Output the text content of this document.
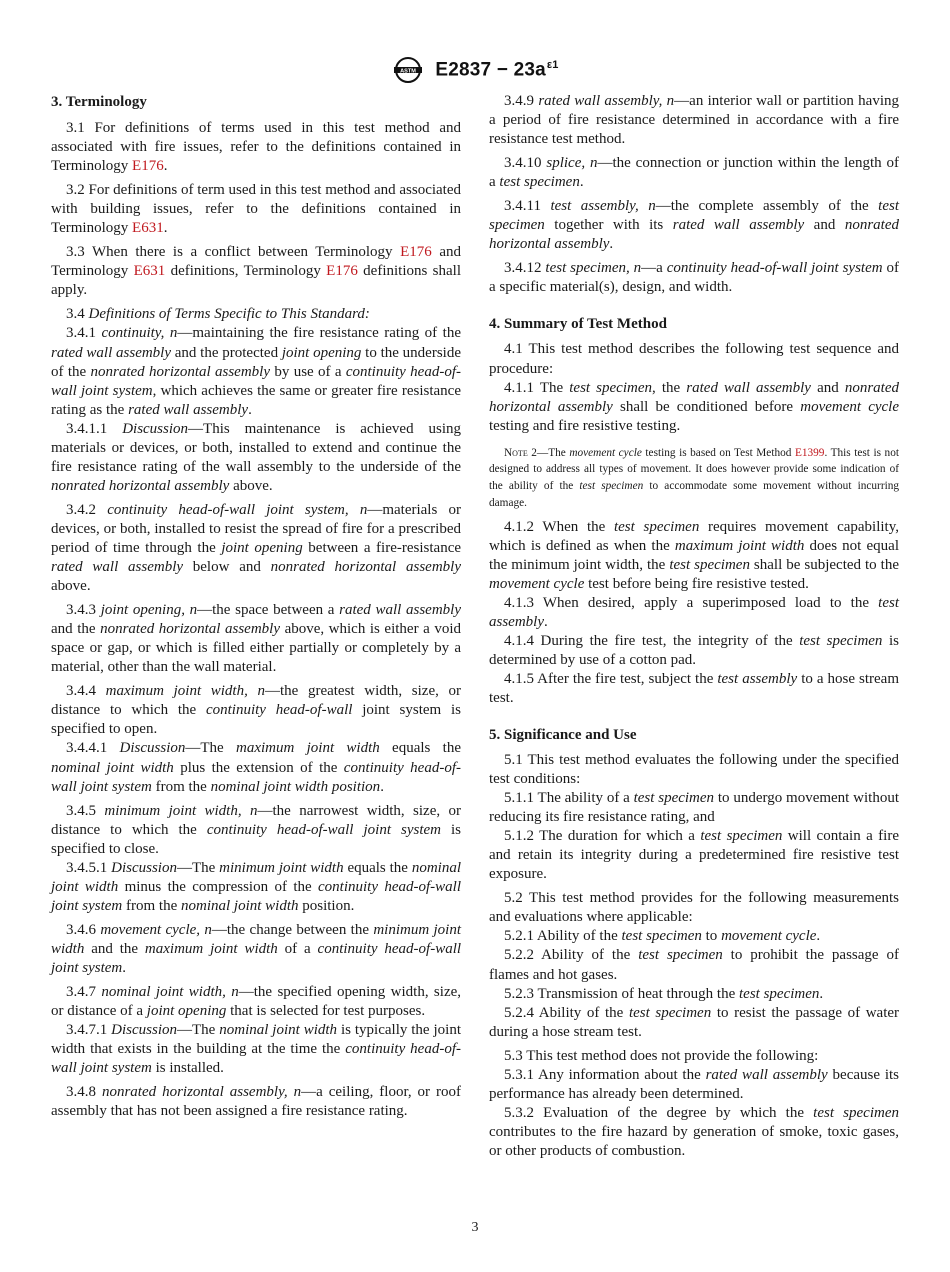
ASTM $E2837 - 23a^{\varepsilon 1}$
3. Terminology

3.1 For definitions of terms used in this test method and associated with fire issues, refer to the definitions contained in Terminology E176.

3.2 For definitions of term used in this test method and associated with building issues, refer to the definitions contained in Terminology E631.

3.3 When there is a conflict between Terminology E176 and Terminology E631 definitions, Terminology E176 definitions shall apply.

3.4 Definitions of Terms Specific to This Standard:

3.4.1 continuity, n—maintaining the fire resistance rating of the rated wall assembly and the protected joint opening to the underside of the nonrated horizontal assembly by use of a continuity head-of-wall joint system, which achieves the same or greater fire resistance rating as the rated wall assembly.

3.4.1.1 Discussion—This maintenance is achieved using materials or devices, or both, installed to extend and continue the fire resistance rating of the wall assembly to the underside of the nonrated horizontal assembly above.

3.4.2 continuity head-of-wall joint system, n—materials or devices, or both, installed to resist the spread of fire for a prescribed period of time through the joint opening between a fire-resistance rated wall assembly below and nonrated horizontal assembly above.

3.4.3 joint opening, n—the space between a rated wall assembly and the nonrated horizontal assembly above, which is either a void space or gap, or which is filled either partially or completely by a material, other than the wall material.

3.4.4 maximum joint width, n—the greatest width, size, or distance to which the continuity head-of-wall joint system is specified to open.

3.4.4.1 Discussion—The maximum joint width equals the nominal joint width plus the extension of the continuity head-of-wall joint system from the nominal joint width position.

3.4.5 minimum joint width, n—the narrowest width, size, or distance to which the continuity head-of-wall joint system is specified to close.

3.4.5.1 Discussion—The minimum joint width equals the nominal joint width minus the compression of the continuity head-of-wall joint system from the nominal joint width position.

3.4.6 movement cycle, n—the change between the minimum joint width and the maximum joint width of a continuity head-of-wall joint system.

3.4.7 nominal joint width, n—the specified opening width, size, or distance of a joint opening that is selected for test purposes.

3.4.7.1 Discussion—The nominal joint width is typically the joint width that exists in the building at the time the continuity head-of-wall joint system is installed.

3.4.8 nonrated horizontal assembly, n—a ceiling, floor, or roof assembly that has not been assigned a fire resistance rating.

3.4.9 rated wall assembly, n—an interior wall or partition having a period of fire resistance determined in accordance with a fire resistance test method.

3.4.10 splice, n—the connection or junction within the length of a test specimen.

3.4.11 test assembly, n—the complete assembly of the test specimen together with its rated wall assembly and nonrated horizontal assembly.

3.4.12 test specimen, n—a continuity head-of-wall joint system of a specific material(s), design, and width.

4. Summary of Test Method

4.1 This test method describes the following test sequence and procedure:

4.1.1 The test specimen, the rated wall assembly and nonrated horizontal assembly shall be conditioned before movement cycle testing and fire resistive testing.

Note 2—The movement cycle testing is based on Test Method E1399. This test is not designed to address all types of movement. It does however provide some indication of the ability of the test specimen to accommodate some movement without incurring damage.

4.1.2 When the test specimen requires movement capability, which is defined as when the maximum joint width does not equal the minimum joint width, the test specimen shall be subjected to the movement cycle test before being fire resistive tested.

4.1.3 When desired, apply a superimposed load to the test assembly.

4.1.4 During the fire test, the integrity of the test specimen is determined by use of a cotton pad.

4.1.5 After the fire test, subject the test assembly to a hose stream test.

5. Significance and Use

5.1 This test method evaluates the following under the specified test conditions:

5.1.1 The ability of a test specimen to undergo movement without reducing its fire resistance rating, and

5.1.2 The duration for which a test specimen will contain a fire and retain its integrity during a predetermined fire resistive test exposure.

5.2 This test method provides for the following measurements and evaluations where applicable:

5.2.1 Ability of the test specimen to movement cycle.

5.2.2 Ability of the test specimen to prohibit the passage of flames and hot gases.

5.2.3 Transmission of heat through the test specimen.

5.2.4 Ability of the test specimen to resist the passage of water during a hose stream test.

5.3 This test method does not provide the following:

5.3.1 Any information about the rated wall assembly because its performance has already been determined.

5.3.2 Evaluation of the degree by which the test specimen contributes to the fire hazard by generation of smoke, toxic gases, or other products of combustion.

3
